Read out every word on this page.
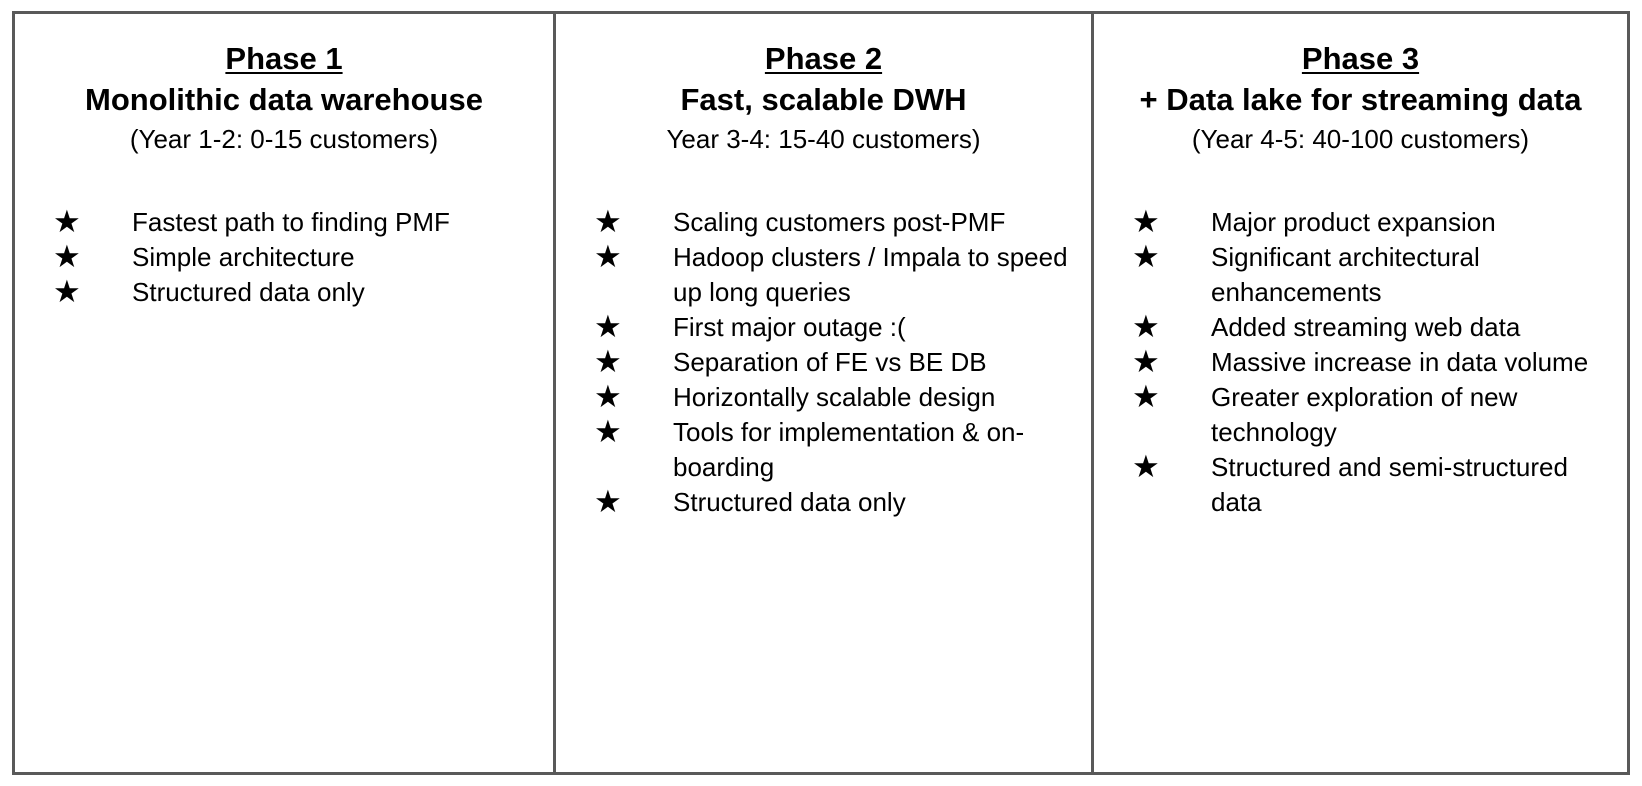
Phase 1
Monolithic data warehouse
(Year 1-2: 0-15 customers)
★	Fastest path to finding PMF
★	Simple architecture
★	Structured data only
Phase 2
Fast, scalable DWH
Year 3-4: 15-40 customers)
★	Scaling customers post-PMF
★	Hadoop clusters / Impala to speed up long queries
★	First major outage :(
★	Separation of FE vs BE DB
★	Horizontally scalable design
★	Tools for implementation & on-boarding
★	Structured data only
Phase 3
+ Data lake for streaming data
(Year 4-5: 40-100 customers)
★	Major product expansion
★	Significant architectural enhancements
★	Added streaming web data
★	Massive increase in data volume
★	Greater exploration of new technology
★	Structured and semi-structured data
